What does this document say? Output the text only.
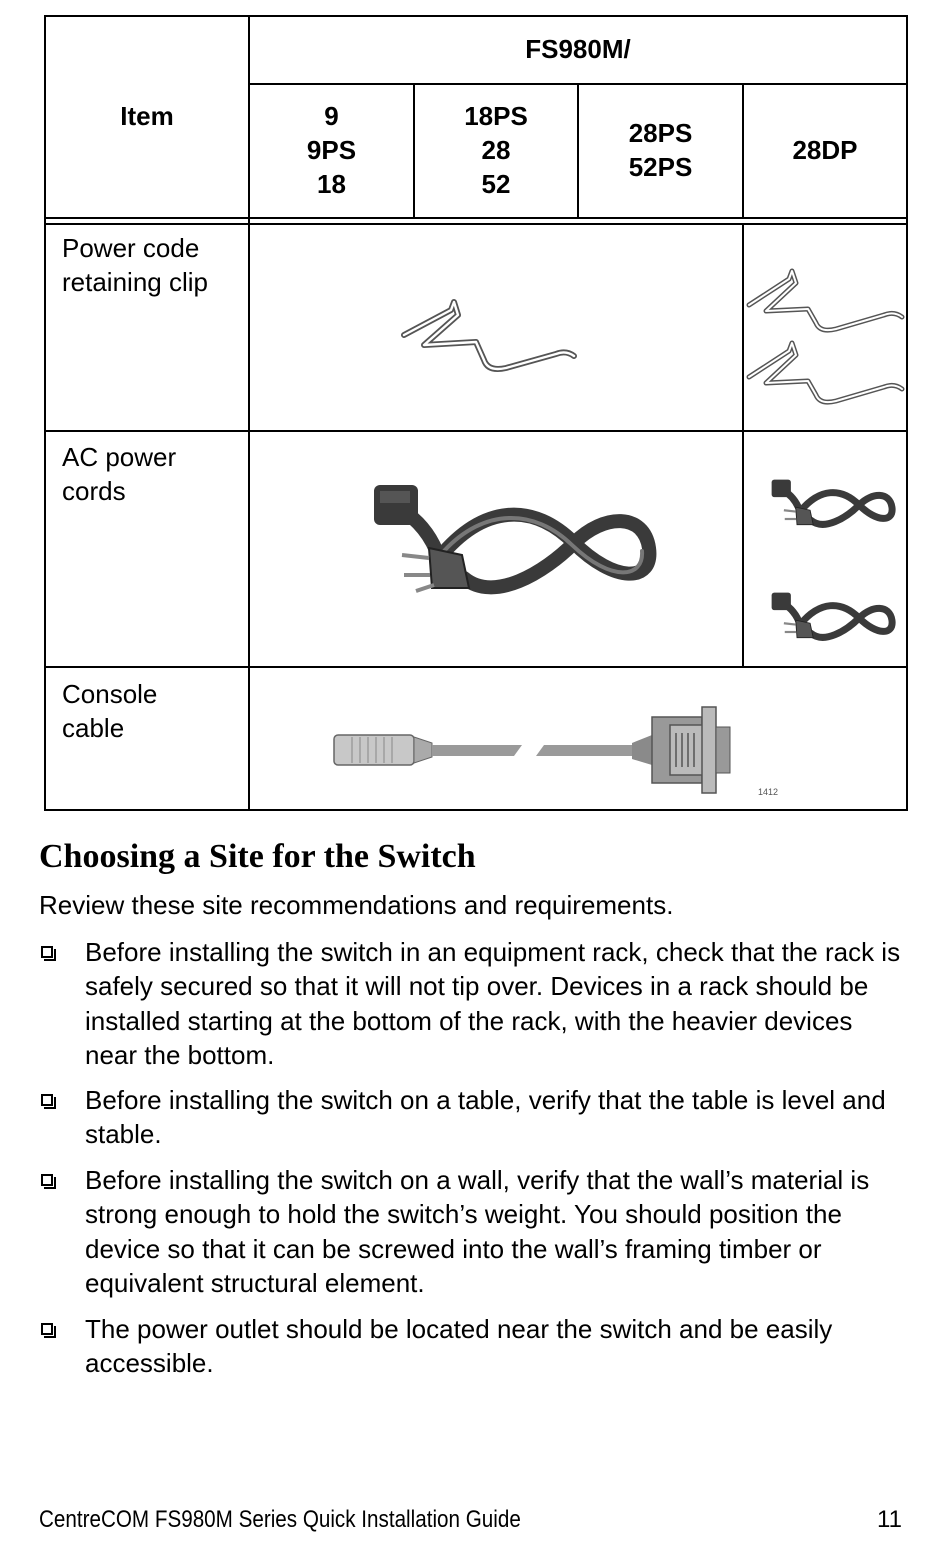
Item
FS980M/
9
9PS
18
18PS
28
52
28PS
52PS
28DP
Power code
retaining clip
AC power
cords
Console
cable
1412
Choosing a Site for the Switch
Review these site recommendations and requirements.
Before installing the switch in an equipment rack, check that the rack is safely secured so that it will not tip over. Devices in a rack should be installed starting at the bottom of the rack, with the heavier devices near the bottom.
Before installing the switch on a table, verify that the table is level and stable.
Before installing the switch on a wall, verify that the wall’s material is strong enough to hold the switch’s weight. You should position the device so that it can be screwed into the wall’s framing timber or equivalent structural element.
The power outlet should be located near the switch and be easily accessible.
CentreCOM FS980M Series Quick Installation Guide	11
